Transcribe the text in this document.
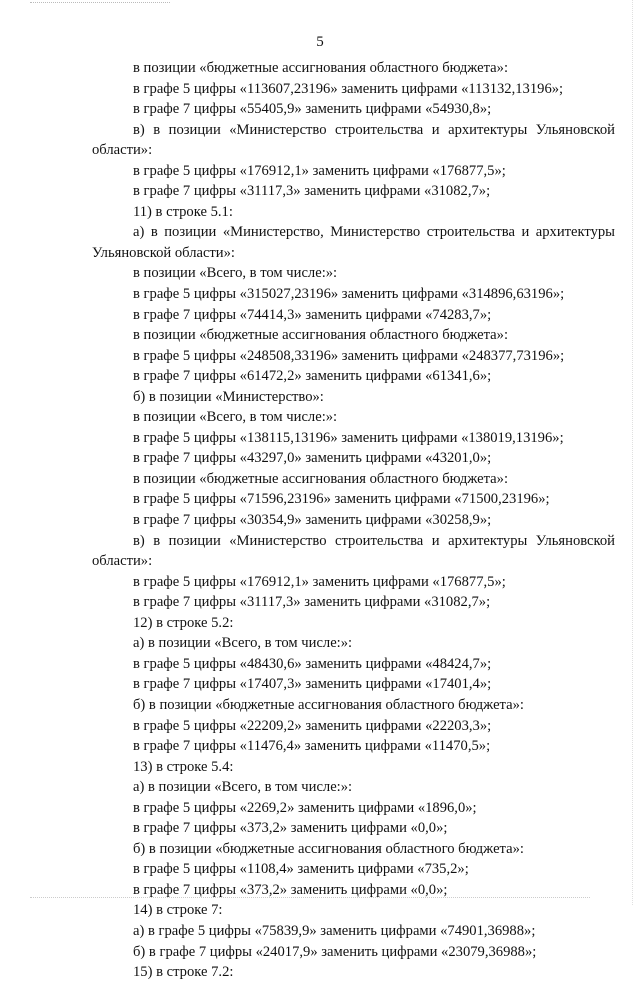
5
в позиции «бюджетные ассигнования областного бюджета»:
в графе 5 цифры «113607,23196» заменить цифрами «113132,13196»;
в графе 7 цифры «55405,9» заменить цифрами «54930,8»;
в) в позиции «Министерство строительства и архитектуры Ульяновской
области»:
в графе 5 цифры «176912,1» заменить цифрами «176877,5»;
в графе 7 цифры «31117,3» заменить цифрами «31082,7»;
11) в строке 5.1:
а) в позиции «Министерство, Министерство строительства и архитектуры
Ульяновской области»:
в позиции «Всего, в том числе:»:
в графе 5 цифры «315027,23196» заменить цифрами «314896,63196»;
в графе 7 цифры «74414,3» заменить цифрами «74283,7»;
в позиции «бюджетные ассигнования областного бюджета»:
в графе 5 цифры «248508,33196» заменить цифрами «248377,73196»;
в графе 7 цифры «61472,2» заменить цифрами «61341,6»;
б) в позиции «Министерство»:
в позиции «Всего, в том числе:»:
в графе 5 цифры «138115,13196» заменить цифрами «138019,13196»;
в графе 7 цифры «43297,0» заменить цифрами «43201,0»;
в позиции «бюджетные ассигнования областного бюджета»:
в графе 5 цифры «71596,23196» заменить цифрами «71500,23196»;
в графе 7 цифры «30354,9» заменить цифрами «30258,9»;
в) в позиции «Министерство строительства и архитектуры Ульяновской
области»:
в графе 5 цифры «176912,1» заменить цифрами «176877,5»;
в графе 7 цифры «31117,3» заменить цифрами «31082,7»;
12) в строке 5.2:
а) в позиции «Всего, в том числе:»:
в графе 5 цифры «48430,6» заменить цифрами «48424,7»;
в графе 7 цифры «17407,3» заменить цифрами «17401,4»;
б) в позиции «бюджетные ассигнования областного бюджета»:
в графе 5 цифры «22209,2» заменить цифрами «22203,3»;
в графе 7 цифры «11476,4» заменить цифрами «11470,5»;
13) в строке 5.4:
а) в позиции «Всего, в том числе:»:
в графе 5 цифры «2269,2» заменить цифрами «1896,0»;
в графе 7 цифры «373,2» заменить цифрами «0,0»;
б) в позиции «бюджетные ассигнования областного бюджета»:
в графе 5 цифры «1108,4» заменить цифрами «735,2»;
в графе 7 цифры «373,2» заменить цифрами «0,0»;
14) в строке 7:
а) в графе 5 цифры «75839,9» заменить цифрами «74901,36988»;
б) в графе 7 цифры «24017,9» заменить цифрами «23079,36988»;
15) в строке 7.2:
